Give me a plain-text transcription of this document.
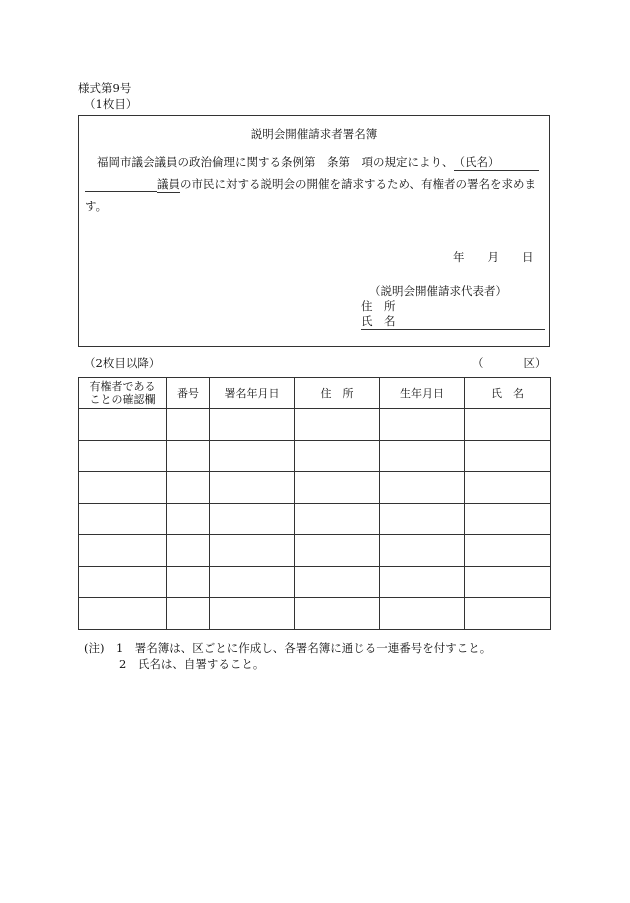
様式第9号
（1枚目）
説明会開催請求者署名簿
福岡市議会議員の政治倫理に関する条例第　条第　項の規定により、（氏名）
議員の市民に対する説明会の開催を請求するため、有権者の署名を求めま
す。
年　　月　　日
（説明会開催請求代表者）
住　所
氏　名
（2枚目以降）	（	区）
有権者である
ことの確認欄	番号	署名年月日	住　所	生年月日	氏　名

(注)　1　署名簿は、区ごとに作成し、各署名簿に通じる一連番号を付すこと。
2　氏名は、自署すること。
